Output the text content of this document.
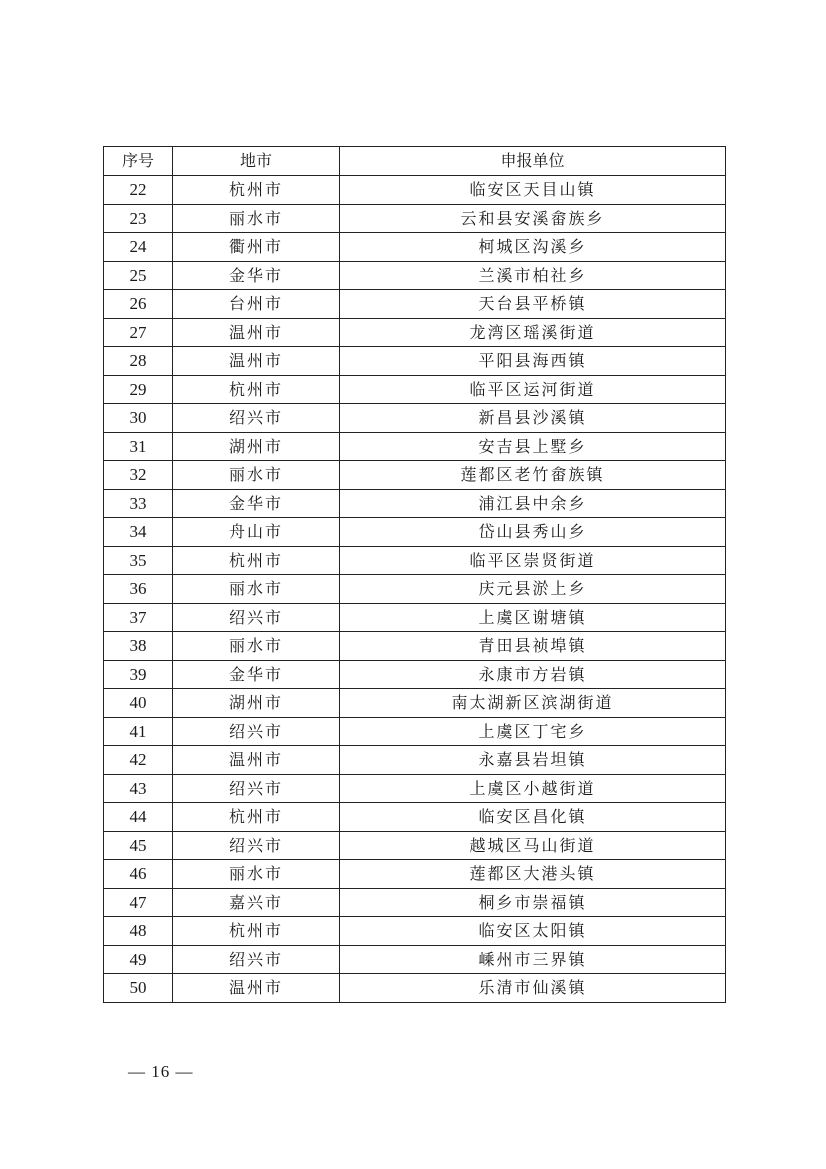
序号	地市	申报单位
22	杭州市	临安区天目山镇
23	丽水市	云和县安溪畲族乡
24	衢州市	柯城区沟溪乡
25	金华市	兰溪市柏社乡
26	台州市	天台县平桥镇
27	温州市	龙湾区瑶溪街道
28	温州市	平阳县海西镇
29	杭州市	临平区运河街道
30	绍兴市	新昌县沙溪镇
31	湖州市	安吉县上墅乡
32	丽水市	莲都区老竹畲族镇
33	金华市	浦江县中余乡
34	舟山市	岱山县秀山乡
35	杭州市	临平区崇贤街道
36	丽水市	庆元县淤上乡
37	绍兴市	上虞区谢塘镇
38	丽水市	青田县祯埠镇
39	金华市	永康市方岩镇
40	湖州市	南太湖新区滨湖街道
41	绍兴市	上虞区丁宅乡
42	温州市	永嘉县岩坦镇
43	绍兴市	上虞区小越街道
44	杭州市	临安区昌化镇
45	绍兴市	越城区马山街道
46	丽水市	莲都区大港头镇
47	嘉兴市	桐乡市崇福镇
48	杭州市	临安区太阳镇
49	绍兴市	嵊州市三界镇
50	温州市	乐清市仙溪镇
— 16 —
